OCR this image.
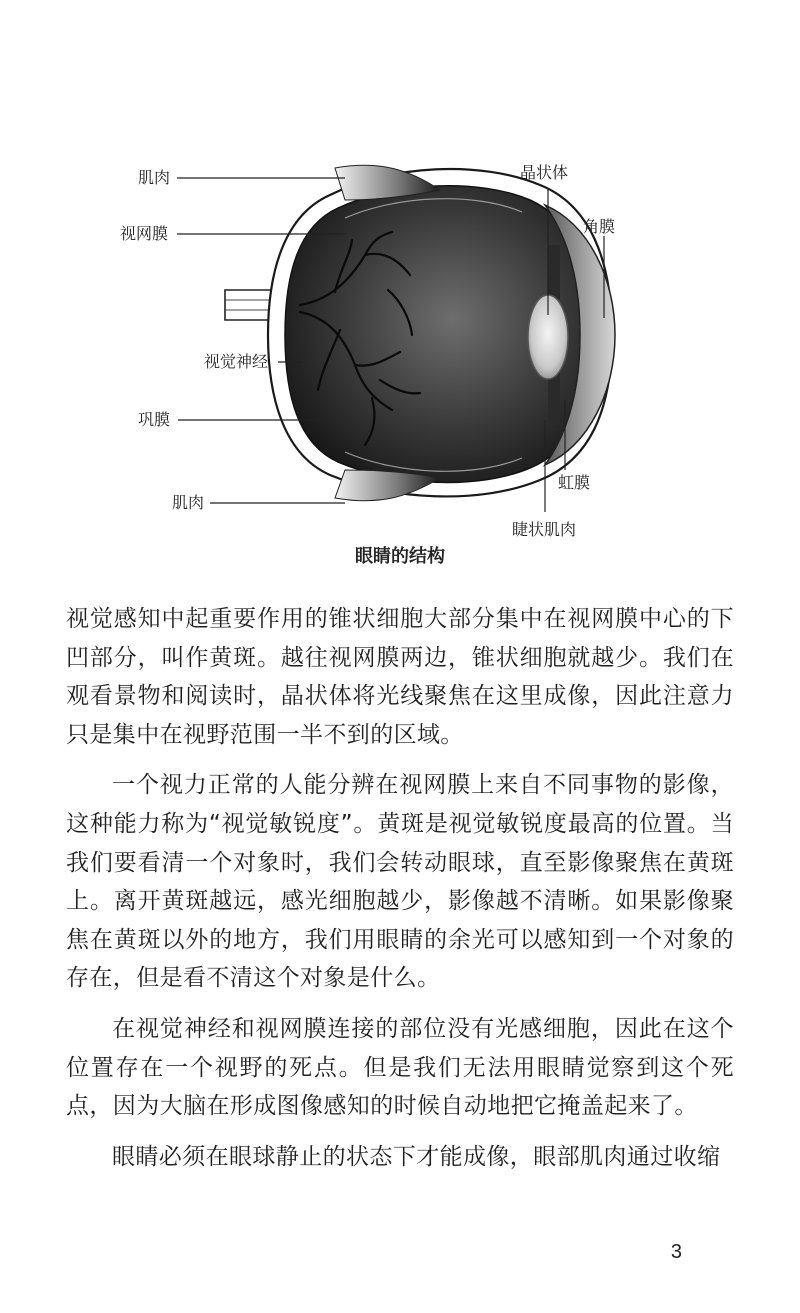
肌肉
视网膜
视觉神经
巩膜
肌肉
晶状体
角膜
虹膜
睫状肌肉
眼睛的结构

视觉感知中起重要作用的锥状细胞大部分集中在视网膜中心的下凹部分，叫作黄斑。越往视网膜两边，锥状细胞就越少。我们在观看景物和阅读时，晶状体将光线聚焦在这里成像，因此注意力只是集中在视野范围一半不到的区域。

一个视力正常的人能分辨在视网膜上来自不同事物的影像，这种能力称为“视觉敏锐度”。黄斑是视觉敏锐度最高的位置。当我们要看清一个对象时，我们会转动眼球，直至影像聚焦在黄斑上。离开黄斑越远，感光细胞越少，影像越不清晰。如果影像聚焦在黄斑以外的地方，我们用眼睛的余光可以感知到一个对象的存在，但是看不清这个对象是什么。

在视觉神经和视网膜连接的部位没有光感细胞，因此在这个位置存在一个视野的死点。但是我们无法用眼睛觉察到这个死点，因为大脑在形成图像感知的时候自动地把它掩盖起来了。

眼睛必须在眼球静止的状态下才能成像，眼部肌肉通过收缩

3
